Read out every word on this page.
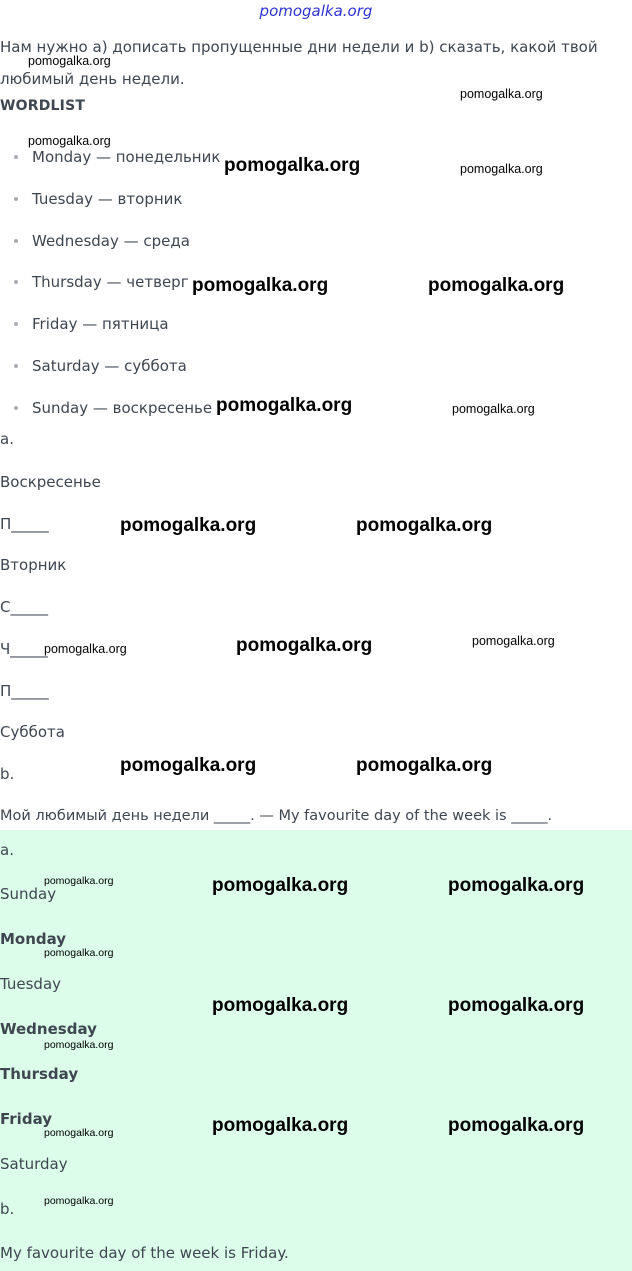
pomogalka.org
Нам нужно a) дописать пропущенные дни недели и b) сказать, какой твой любимый день недели.
WORDLIST
Monday — понедельник
Tuesday — вторник
Wednesday — среда
Thursday — четверг
Friday — пятница
Saturday — суббота
Sunday — воскресенье
a.
Воскресенье
П_____
Вторник
С_____
Ч_____
П_____
Суббота
b.
Мой любимый день недели _____. — My favourite day of the week is _____.
a.
Sunday
Monday
Tuesday
Wednesday
Thursday
Friday
Saturday
b.
My favourite day of the week is Friday.
pomogalka.org
pomogalka.org
pomogalka.org
pomogalka.org	pomogalka.org
pomogalka.org	pomogalka.org
pomogalka.org	pomogalka.org
pomogalka.org	pomogalka.org
pomogalka.org	pomogalka.org
pomogalka.org
pomogalka.org	pomogalka.org
pomogalka.org	pomogalka.org	pomogalka.org
pomogalka.org
pomogalka.org	pomogalka.org
pomogalka.org
pomogalka.org	pomogalka.org
pomogalka.org
pomogalka.org
